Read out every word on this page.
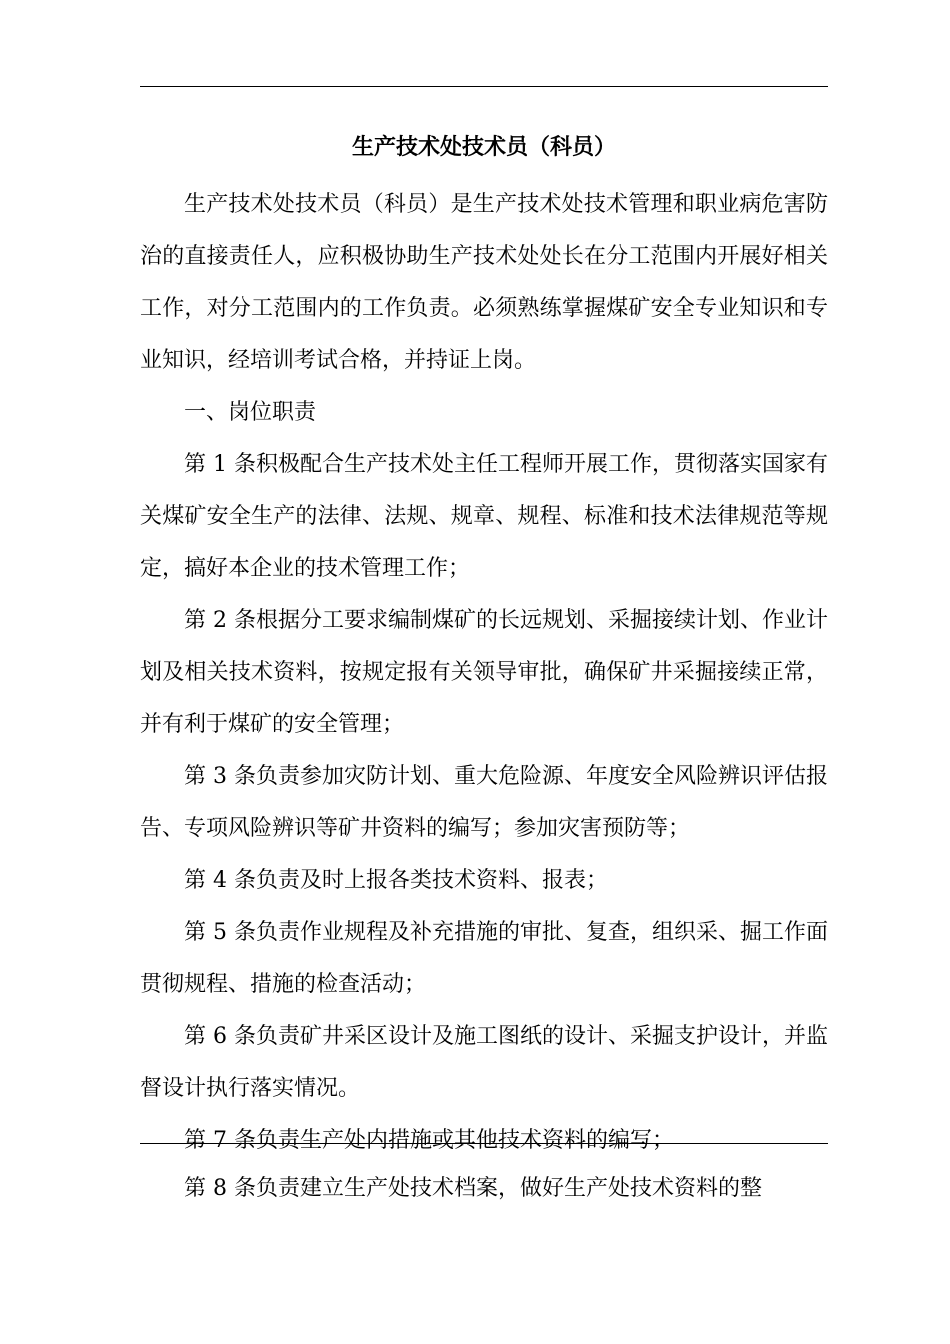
生产技术处技术员（科员）

生产技术处技术员（科员）是生产技术处技术管理和职业病危害防治的直接责任人，应积极协助生产技术处处长在分工范围内开展好相关工作，对分工范围内的工作负责。必须熟练掌握煤矿安全专业知识和专业知识，经培训考试合格，并持证上岗。

一、岗位职责

第 1 条积极配合生产技术处主任工程师开展工作，贯彻落实国家有关煤矿安全生产的法律、法规、规章、规程、标准和技术法律规范等规定，搞好本企业的技术管理工作；

第 2 条根据分工要求编制煤矿的长远规划、采掘接续计划、作业计划及相关技术资料，按规定报有关领导审批，确保矿井采掘接续正常，并有利于煤矿的安全管理；

第 3 条负责参加灾防计划、重大危险源、年度安全风险辨识评估报告、专项风险辨识等矿井资料的编写；参加灾害预防等；

第 4 条负责及时上报各类技术资料、报表；

第 5 条负责作业规程及补充措施的审批、复查，组织采、掘工作面贯彻规程、措施的检查活动；

第 6 条负责矿井采区设计及施工图纸的设计、采掘支护设计，并监督设计执行落实情况。

第 7 条负责生产处内措施或其他技术资料的编写；

第 8 条负责建立生产处技术档案，做好生产处技术资料的整
